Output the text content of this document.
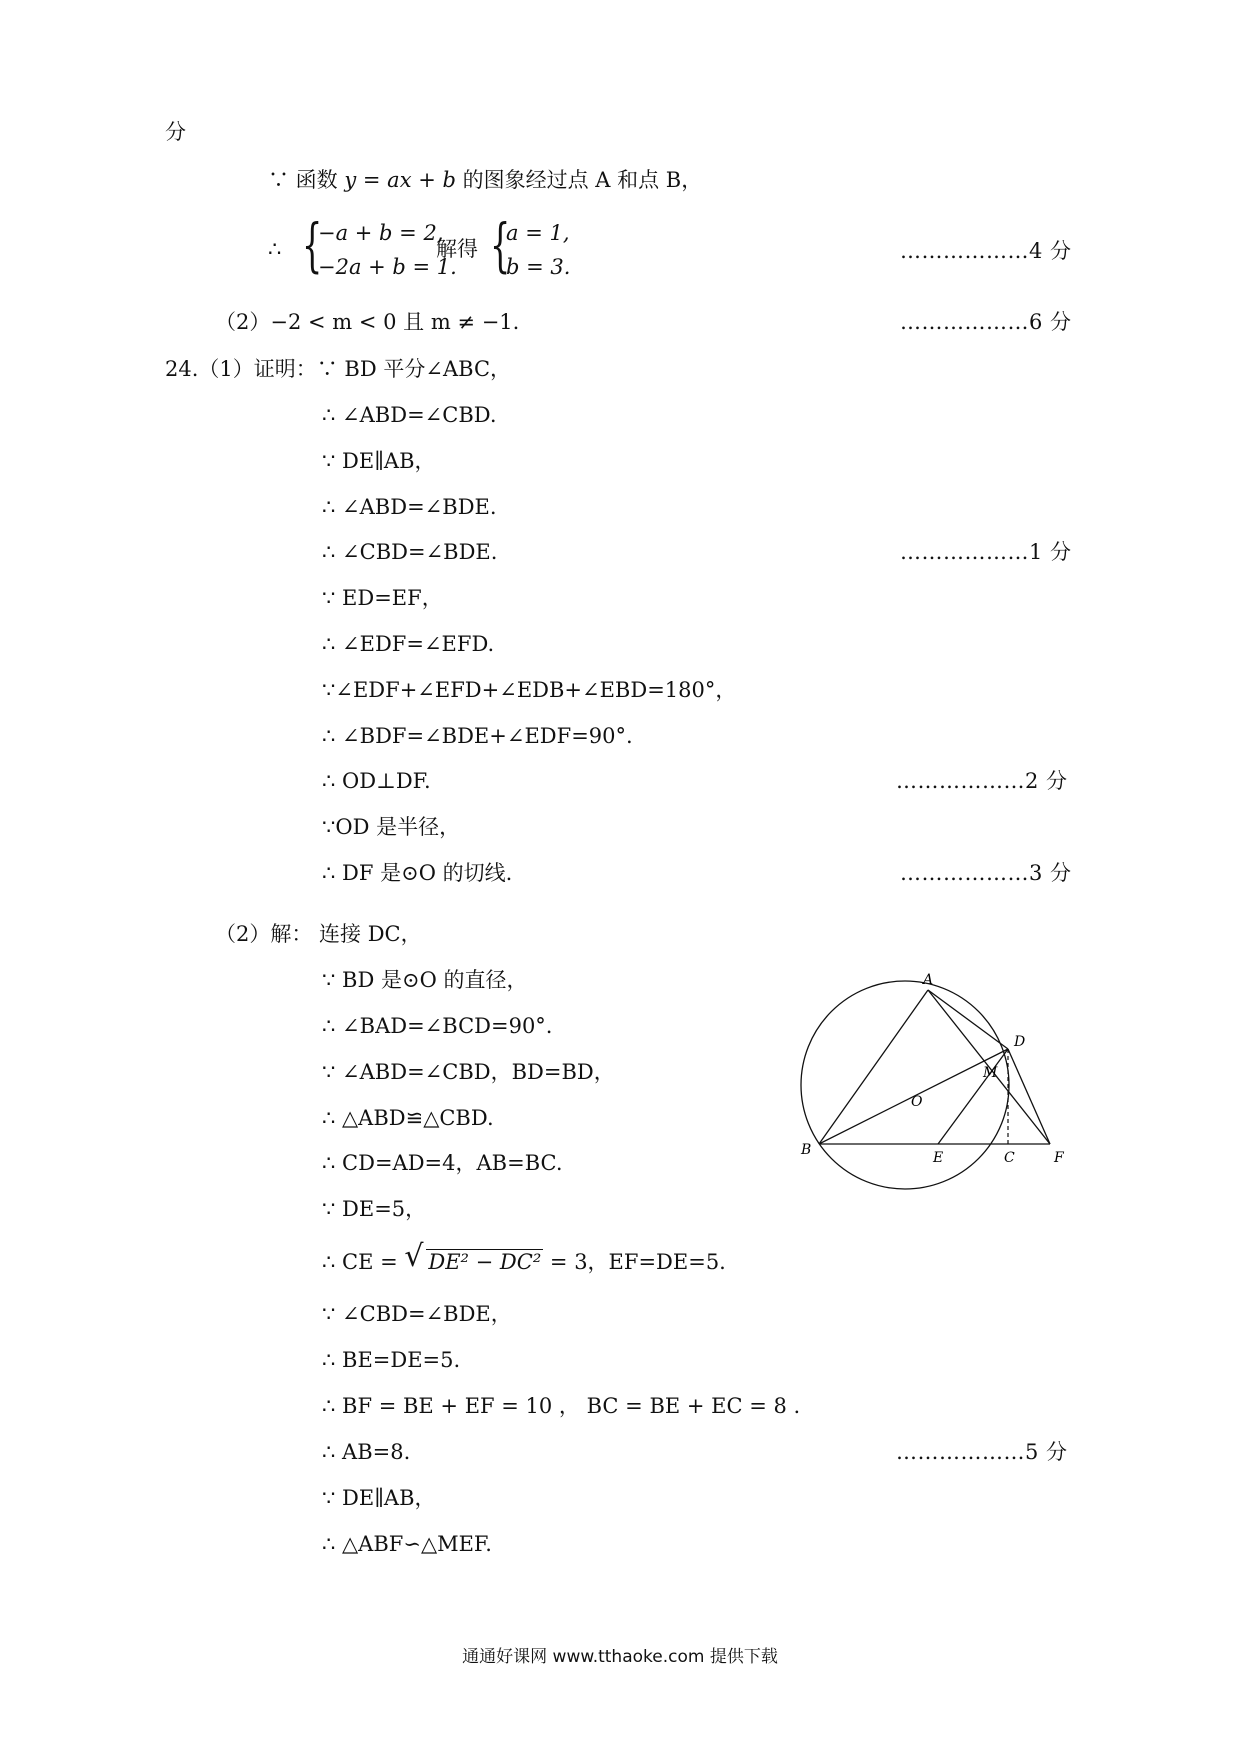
分
∵ 函数 y = ax + b 的图象经过点 A 和点 B，
∴ {
−a + b = 2,
−2a + b = 1.
解得 {
a = 1,
b = 3.
………………4 分
（2）−2 < m < 0 且 m ≠ −1.	………………6 分
24.（1）证明：∵ BD 平分∠ABC，
∴ ∠ABD=∠CBD.
∵ DE∥AB，
∴ ∠ABD=∠BDE.
∴ ∠CBD=∠BDE.	………………1 分
∵ ED=EF，
∴ ∠EDF=∠EFD.
∵∠EDF+∠EFD+∠EDB+∠EBD=180°，
∴ ∠BDF=∠BDE+∠EDF=90°.
∴ OD⊥DF.	………………2 分
∵OD 是半径，
∴ DF 是⊙O 的切线.	………………3 分
（2）解： 连接 DC，
∵ BD 是⊙O 的直径，
∴ ∠BAD=∠BCD=90°.
∵ ∠ABD=∠CBD，BD=BD，
∴ △ABD≌△CBD.
∴ CD=AD=4，AB=BC.
∵ DE=5，
∴ CE = √ DE² − DC² = 3，EF=DE=5.
∵ ∠CBD=∠BDE，
∴ BE=DE=5.
∴ BF = BE + EF = 10 ， BC = BE + EC = 8 .
∴ AB=8.	………………5 分
∵ DE∥AB，
∴ △ABF∽△MEF.
A
B	C
D
E	F
M
O
通通好课网 www.tthaoke.com 提供下载
